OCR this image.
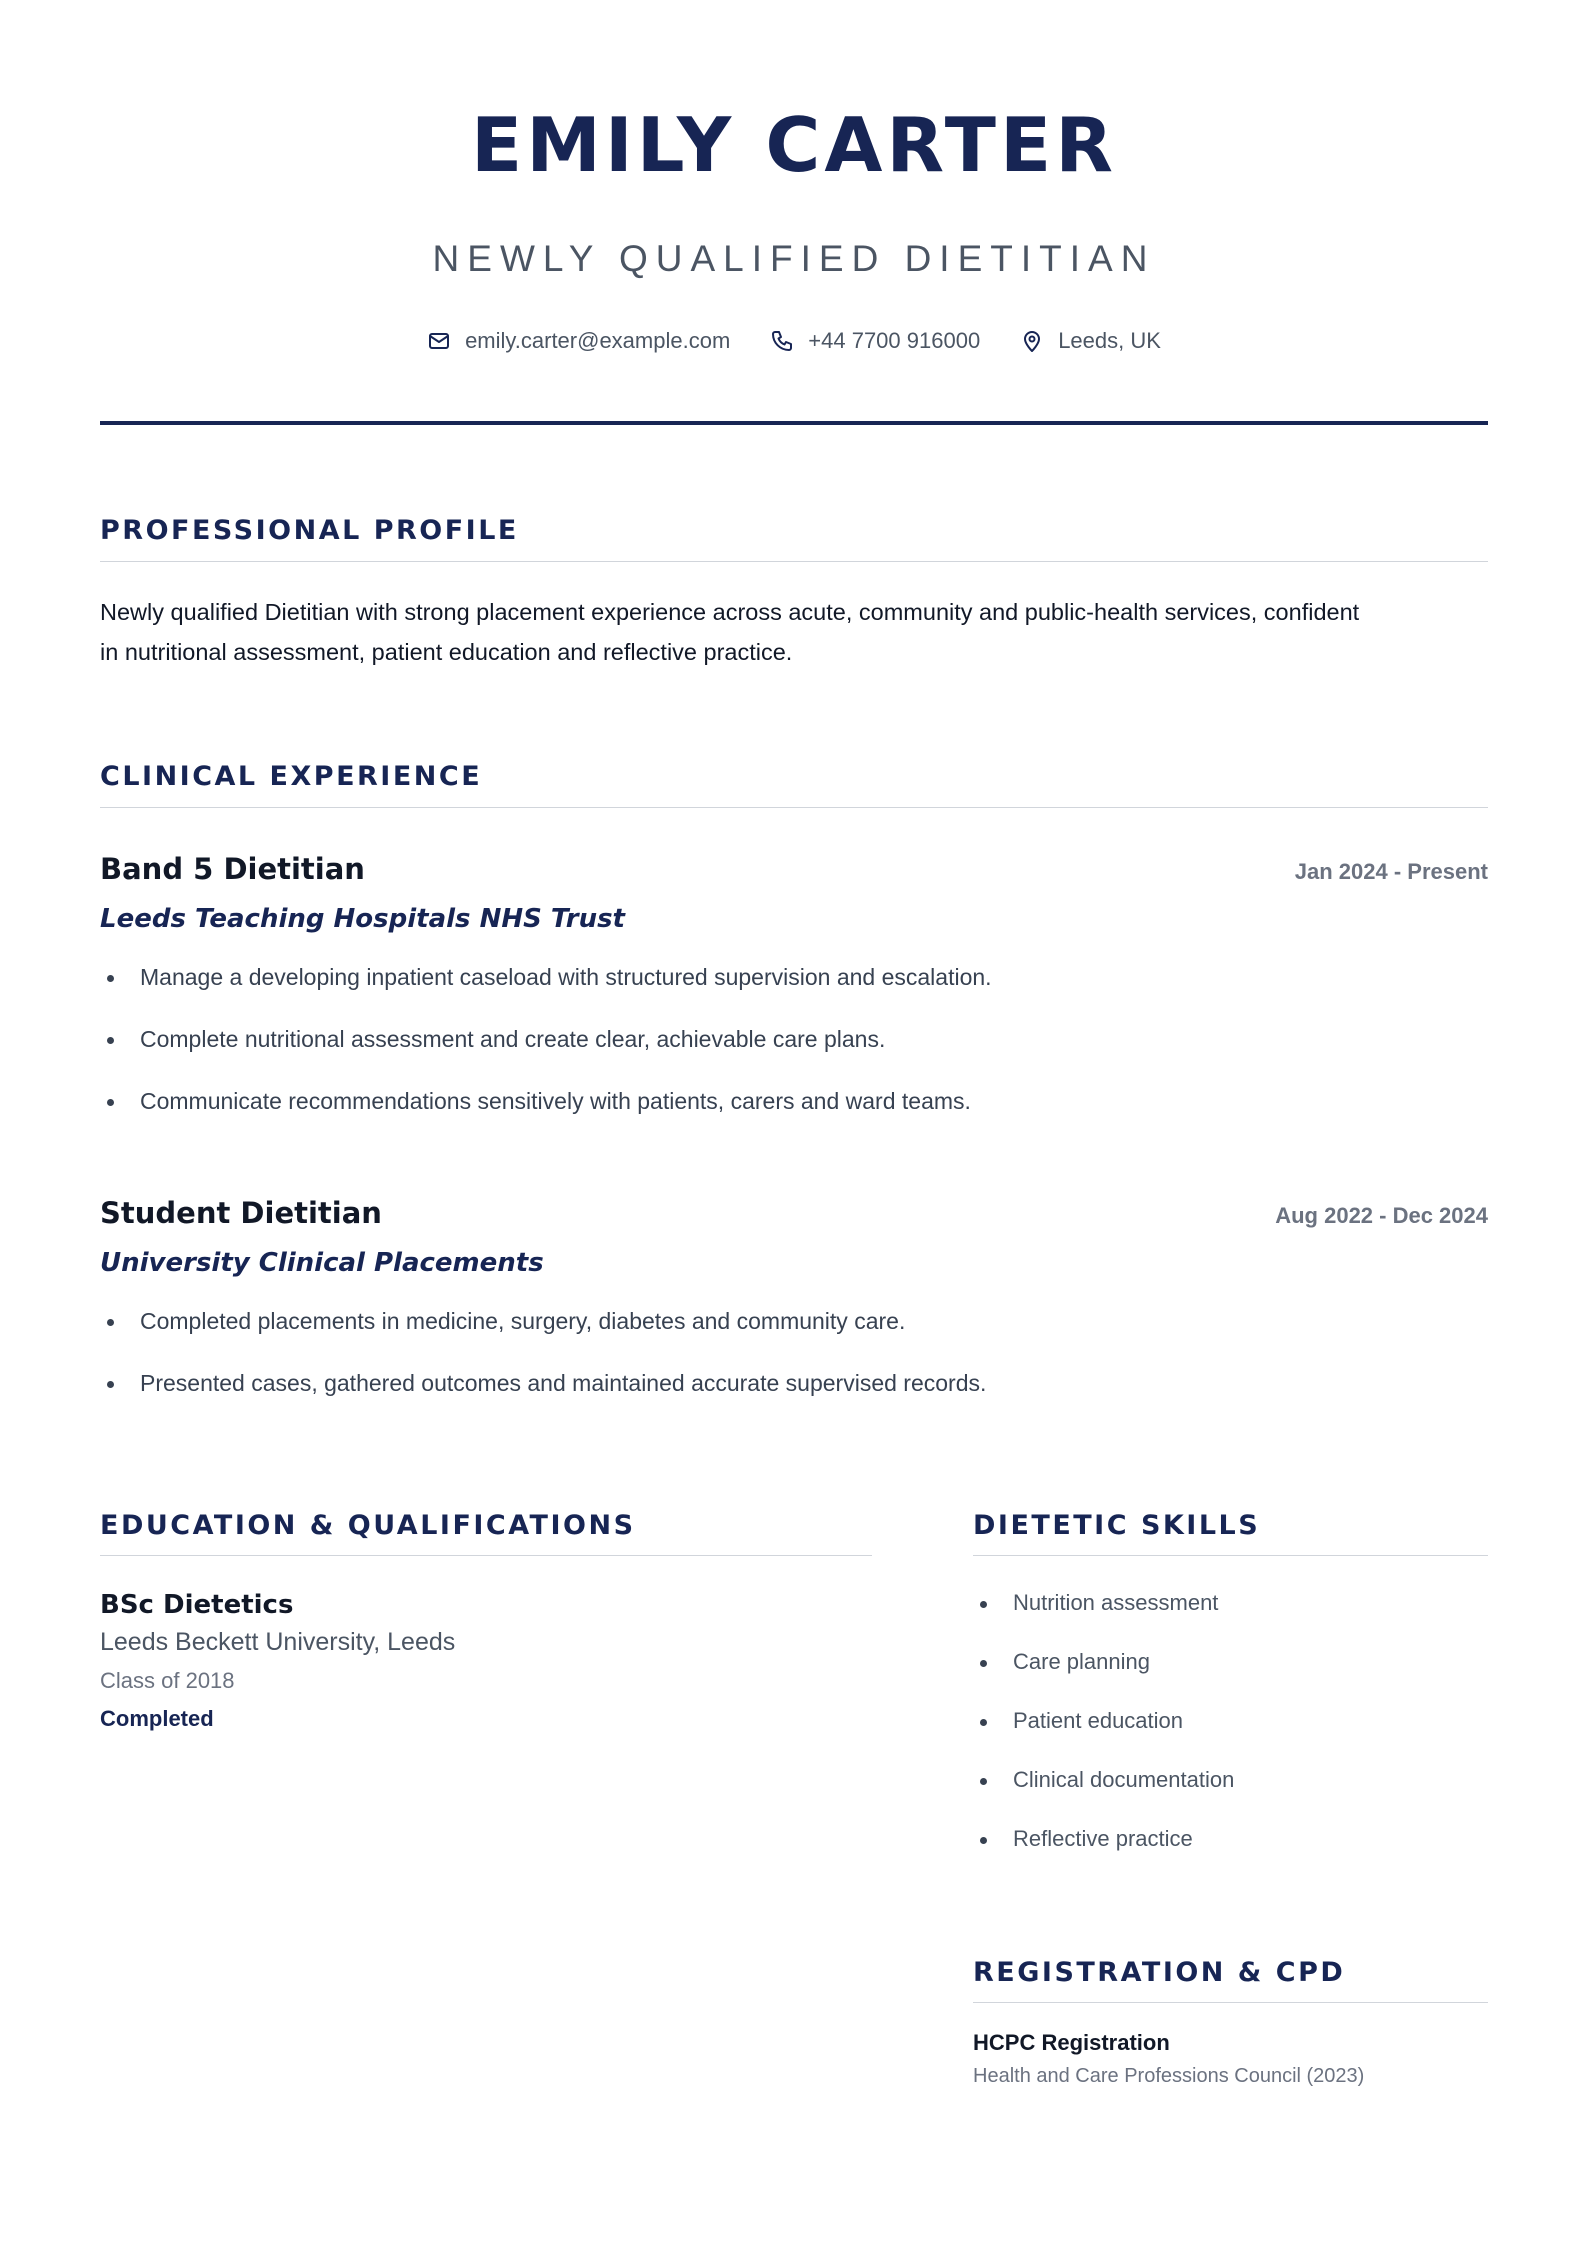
EMILY CARTER
NEWLY QUALIFIED DIETITIAN
emily.carter@example.com	+44 7700 916000	Leeds, UK
PROFESSIONAL PROFILE
Newly qualified Dietitian with strong placement experience across acute, community and public-health services, confident
in nutritional assessment, patient education and reflective practice.
CLINICAL EXPERIENCE
Band 5 Dietitian	Jan 2024 - Present
Leeds Teaching Hospitals NHS Trust
Manage a developing inpatient caseload with structured supervision and escalation.
Complete nutritional assessment and create clear, achievable care plans.
Communicate recommendations sensitively with patients, carers and ward teams.
Student Dietitian	Aug 2022 - Dec 2024
University Clinical Placements
Completed placements in medicine, surgery, diabetes and community care.
Presented cases, gathered outcomes and maintained accurate supervised records.
EDUCATION & QUALIFICATIONS
BSc Dietetics
Leeds Beckett University, Leeds
Class of 2018
Completed
DIETETIC SKILLS
Nutrition assessment
Care planning
Patient education
Clinical documentation
Reflective practice
REGISTRATION & CPD
HCPC Registration
Health and Care Professions Council (2023)
